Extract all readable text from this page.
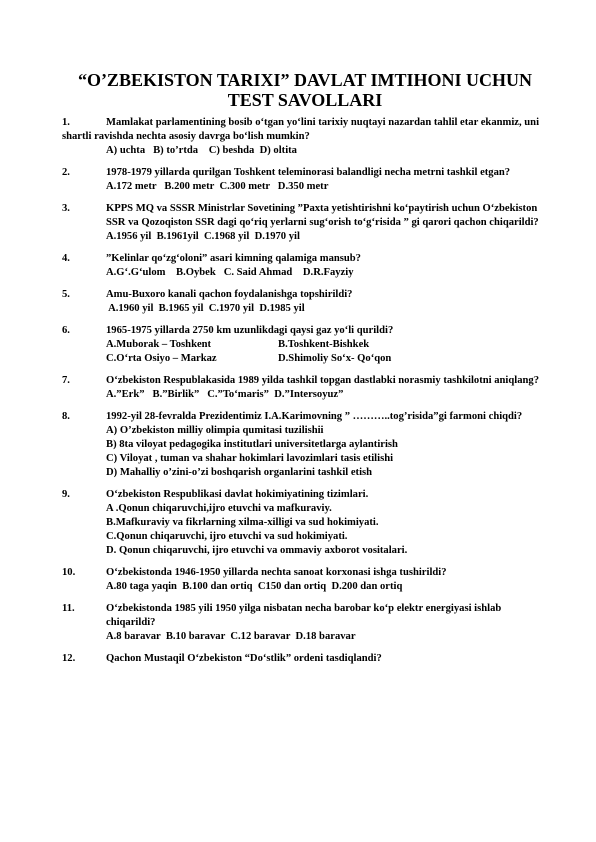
“O’ZBEKISTON TARIXI” DAVLAT IMTIHONI UCHUN
TEST SAVOLLARI
1.	Mamlakat parlamentining bosib o‘tgan yo‘lini tarixiy nuqtayi nazardan tahlil etar ekanmiz, uni shartli ravishda nechta asosiy davrga bo‘lish mumkin?
A) uchta   B) to’rtda    C) beshda  D) oltita
2.	1978-1979 yillarda qurilgan Toshkent teleminorasi balandligi necha metrni tashkil etgan?
A.172 metr   B.200 metr  C.300 metr   D.350 metr
3.	KPPS MQ va SSSR Ministrlar Sovetining ”Paxta yetishtirishni ko‘paytirish uchun O‘zbekiston SSR va Qozoqiston SSR dagi qo‘riq yerlarni sug‘orish to‘g‘risida ” gi qarori qachon chiqarildi?
A.1956 yil  B.1961yil  C.1968 yil  D.1970 yil
4.	”Kelinlar qo‘zg‘oloni” asari kimning qalamiga mansub?
A.G‘.G‘ulom    B.Oybek   C. Said Ahmad    D.R.Fayziy
5.	Amu-Buxoro kanali qachon foydalanishga topshirildi?
A.1960 yil  B.1965 yil  C.1970 yil  D.1985 yil
6.	1965-1975 yillarda 2750 km uzunlikdagi qaysi gaz yo‘li qurildi?
A.Muborak – Toshkent	B.Toshkent-Bishkek
C.O‘rta Osiyo – Markaz	D.Shimoliy So‘x- Qo‘qon
7.	O‘zbekiston Respublakasida 1989 yilda tashkil topgan dastlabki norasmiy tashkilotni aniqlang?
A.”Erk”   B.”Birlik”   C.”To‘maris”  D.”Intersoyuz”
8.	1992-yil 28-fevralda Prezidentimiz I.A.Karimovning ” ………..tog’risida”gi farmoni chiqdi?
A) O’zbekiston milliy olimpia qumitasi tuzilishii
B) 8ta viloyat pedagogika institutlari universitetlarga aylantirish
C) Viloyat , tuman va shahar hokimlari lavozimlari tasis etilishi
D) Mahalliy o’zini-o’zi boshqarish organlarini tashkil etish
9.	O‘zbekiston Respublikasi davlat hokimiyatining tizimlari.
A .Qonun chiqaruvchi,ijro etuvchi va mafkuraviy.
B.Mafkuraviy va fikrlarning xilma-xilligi va sud hokimiyati.
C.Qonun chiqaruvchi, ijro etuvchi va sud hokimiyati.
D. Qonun chiqaruvchi, ijro etuvchi va ommaviy axborot vositalari.
10.	O‘zbekistonda 1946-1950 yillarda nechta sanoat korxonasi ishga tushirildi?
A.80 taga yaqin  B.100 dan ortiq  C150 dan ortiq  D.200 dan ortiq
11.	O‘zbekistonda 1985 yili 1950 yilga nisbatan necha barobar ko‘p elektr energiyasi ishlab chiqarildi?
A.8 baravar  B.10 baravar  C.12 baravar  D.18 baravar
12.	Qachon Mustaqil O‘zbekiston “Do‘stlik” ordeni tasdiqlandi?
